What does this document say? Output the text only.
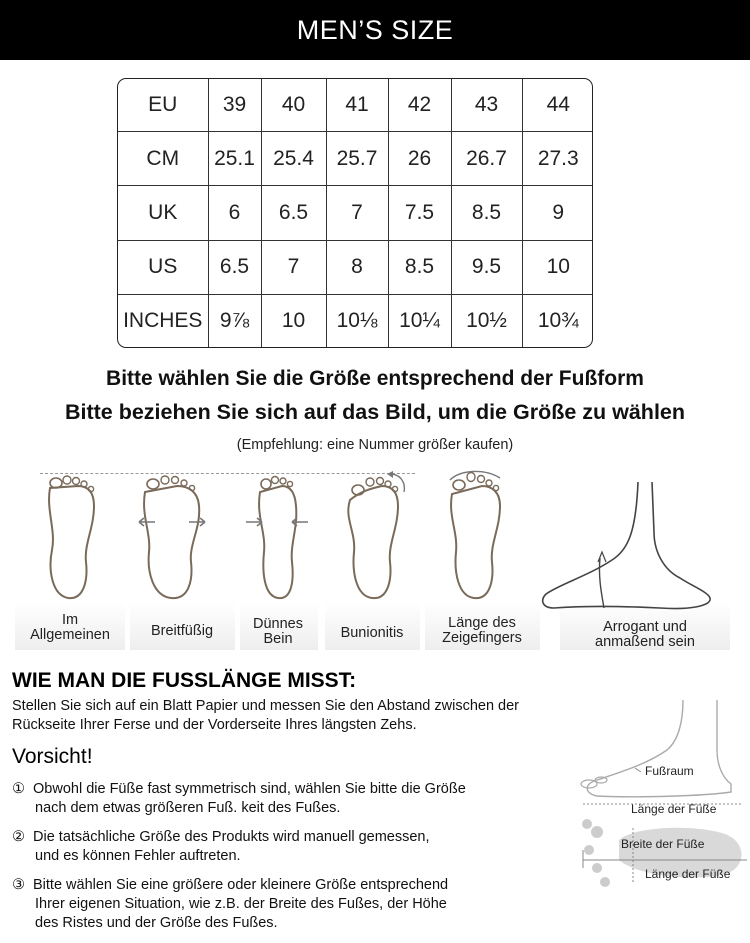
MEN’S SIZE
EU	39	40	41	42	43	44
CM	25.1	25.4	25.7	26	26.7	27.3
UK	6	6.5	7	7.5	8.5	9
US	6.5	7	8	8.5	9.5	10
INCHES	9⅞	10	10⅛	10¼	10½	10¾
Bitte wählen Sie die Größe entsprechend der Fußform
Bitte beziehen Sie sich auf das Bild, um die Größe zu wählen
(Empfehlung: eine Nummer größer kaufen)
Im
Allgemeinen	Breitfüßig	Dünnes
Bein	Bunionitis
Länge des
Zeigefingers
Arrogant und
anmaßend sein
WIE MAN DIE FUSSLÄNGE MISST:
Stellen Sie sich auf ein Blatt Papier und messen Sie den Abstand zwischen der
Rückseite Ihrer Ferse und der Vorderseite Ihres längsten Zehs.
Vorsicht!
① Obwohl die Füße fast symmetrisch sind, wählen Sie bitte die Größe
nach dem etwas größeren Fuß. keit des Fußes.
② Die tatsächliche Größe des Produkts wird manuell gemessen,
und es können Fehler auftreten.
③ Bitte wählen Sie eine größere oder kleinere Größe entsprechend
Ihrer eigenen Situation, wie z.B. der Breite des Fußes, der Höhe
des Ristes und der Größe des Fußes.
Fußraum
Länge der Füße
Breite der Füße
Länge der Füße
